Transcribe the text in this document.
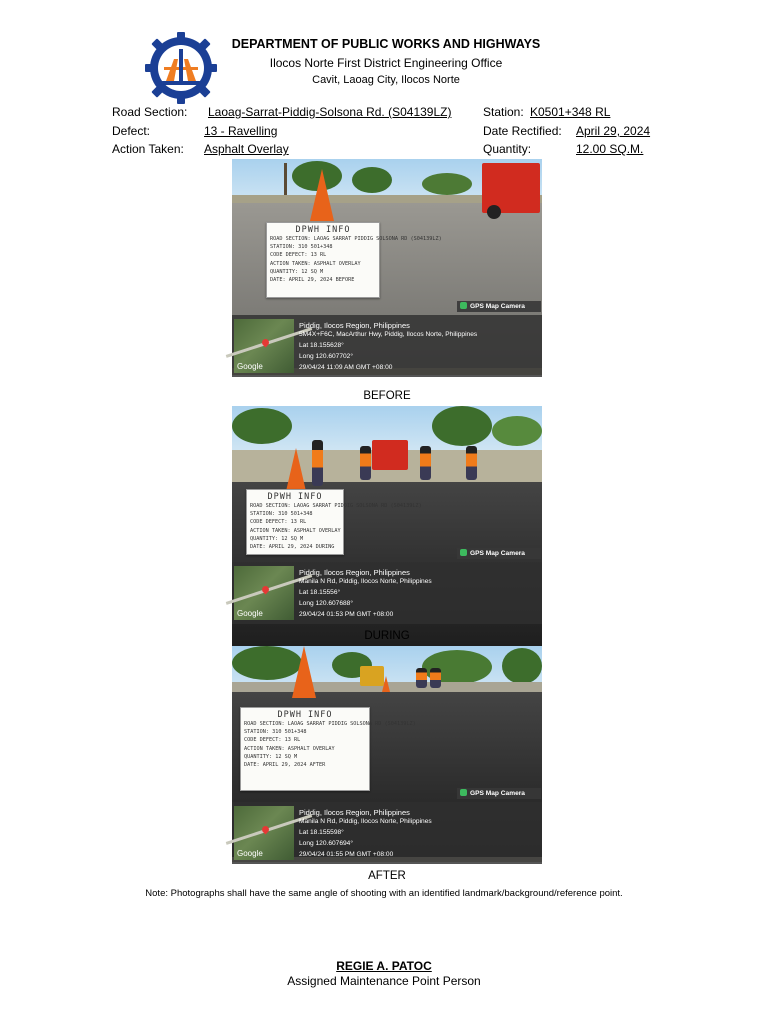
DEPARTMENT OF PUBLIC WORKS AND HIGHWAYS
Ilocos Norte First District Engineering Office
Cavit, Laoag City, Ilocos Norte
Road Section: Laoag-Sarrat-Piddig-Solsona Rd. (S04139LZ)	Station: K0501+348 RL
Defect:	13 - Ravelling	Date Rectified: April 29, 2024
Action Taken: Asphalt Overlay	Quantity:	12.00 SQ.M.
DPWH INFO
ROAD SECTION: LAOAG SARRAT PIDDIG SOLSONA RD (S04139LZ)
STATION: 310 501+348
CODE DEFECT: 13 RL
ACTION TAKEN: ASPHALT OVERLAY
QUANTITY: 12 SQ M
DATE: APRIL 29, 2024 BEFORE
GPS Map Camera
Google
Piddig, Ilocos Region, Philippines
5M4X+F6C, MacArthur Hwy, Piddig, Ilocos Norte, Philippines
Lat 18.155628°
Long 120.607702°
29/04/24 11:09 AM GMT +08:00
BEFORE
DPWH INFO
ROAD SECTION: LAOAG SARRAT PIDDIG SOLSONA RD (S04139LZ)
STATION: 310 501+348
CODE DEFECT: 13 RL
ACTION TAKEN: ASPHALT OVERLAY
QUANTITY: 12 SQ M
DATE: APRIL 29, 2024 DURING
GPS Map Camera
Google
Piddig, Ilocos Region, Philippines
Manila N Rd, Piddig, Ilocos Norte, Philippines
Lat 18.15556°
Long 120.607688°
29/04/24 01:53 PM GMT +08:00
DURING
DPWH INFO
ROAD SECTION: LAOAG SARRAT PIDDIG SOLSONA RD (S04139LZ)
STATION: 310 501+348
CODE DEFECT: 13 RL
ACTION TAKEN: ASPHALT OVERLAY
QUANTITY: 12 SQ M
DATE: APRIL 29, 2024 AFTER
GPS Map Camera
Google
Piddig, Ilocos Region, Philippines
Manila N Rd, Piddig, Ilocos Norte, Philippines
Lat 18.155598°
Long 120.607694°
29/04/24 01:55 PM GMT +08:00
AFTER
Note: Photographs shall have the same angle of shooting with an identified landmark/background/reference point.
REGIE A. PATOC
Assigned Maintenance Point Person
